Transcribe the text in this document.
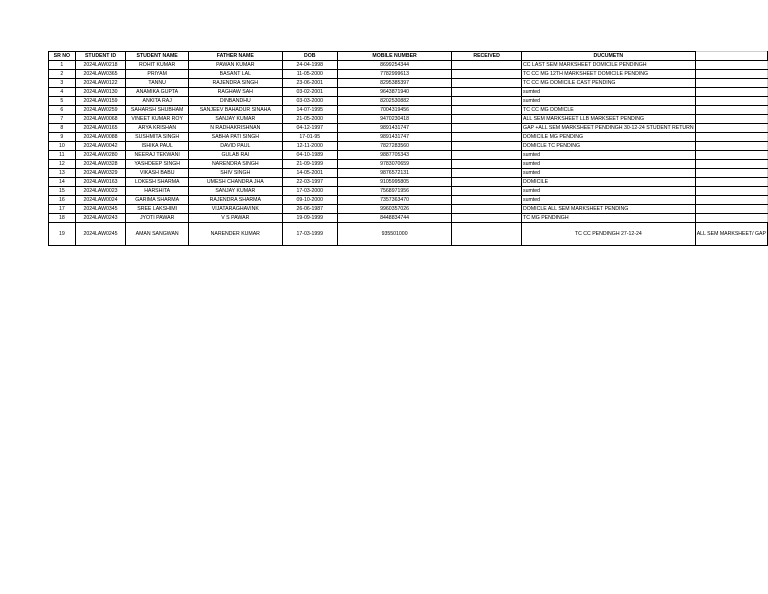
SR NO	STUDENT ID	STUDENT NAME	FATHER NAME	DOB	MOBILE NUMBER	RECEIVED	DUCUMETN	
1	2024LAW0218	ROHIT KUMAR	PAWAN KUMAR	24-04-1998	8699254344		CC LAST SEM MARKSHEET DOMICILE PENDINGH	
2	2024LAW0365	PRIYAM	BASANT LAL	11-05-2000	7782999613		TC CC MG 12TH MARKSHEET DOMICILE PENDING	
3	2024LAW0122	TANNU	RAJENDRA SINGH	23-06-2001	8295385397		TC CC MG DOMICILE CAST PENDING	
4	2024LAW0130	ANAMIKA GUPTA	RAGHAW SAH	03-02-2001	9643871940		sumted	
5	2024LAW0159	ANKITA RAJ	DINBANDHU	03-03-2000	8202530882		sumted	
6	2024LAW0259	SAHARSH SHUBHAM	SANJEEV BAHADUR SINAHA	14-07-1995	7004319456		TC CC MG DOMICLE	
7	2024LAW0068	VINEET KUMAR ROY	SANJAY KUMAR	21-05-2000	9470230418		ALL SEM MARKSHEET LLB MARKSEET PENDING	
8	2024LAW0165	ARYA KRISHAN	N RADHAKRISHNAN	04-12-1997	9891431747		GAP +ALL SEM MARKSHEET PENDINGH 30-12-24 STUDENT RETURN	
9	2024LAW0088	SUSHMITA SINGH	SABHA PATI SINGH	17-01-95	9891431747		DOMICILE MG PENDING	
10	2024LAW0042	ISHIKA PAUL	DAVID PAUL	12-11-2000	7827283560		DOMICLE TC PENDING	
11	2024LAW0280	NEERAJ TEKWANI	GULAB RAI	04-10-1989	9887705343		sumted	
12	2024LAW0328	YASHDEEP SINGH	NARENDRA SINGH	21-09-1999	9783070659		sumted	
13	2024LAW0329	VIKASH BABU	SHIV SINGH	14-05-2001	9876572131		sumted	
14	2024LAW0163	LOKESH SHARMA	UMESH CHANDRA JHA	22-03-1997	9105995805		DOMICILE	
15	2024LAW0023	HARSHITA	SANJAY KUMAR	17-03-2000	7568971956		sumted	
16	2024LAW0024	GARIMA SHARMA	RAJENDRA SHARMA	09-10-2000	7357363470		sumted	
17	2024LAW0345	SREE LAKSHIMI	VIJATARAGHAVINK	26-06-1987	9960357026		DOMICLE ALL SEM MARKSHEET PENDING	
18	2024LAW0243	JYOTI PAWAR	V S PAWAR	19-09-1999	8448834744		TC MG PENDINGH	
19	2024LAW0245	AMAN SANGWAN	NARENDER KUMAR	17-03-1999	935501000		TC CC PENDINGH 27-12-24	ALL SEM MARKSHEET/ GAP
